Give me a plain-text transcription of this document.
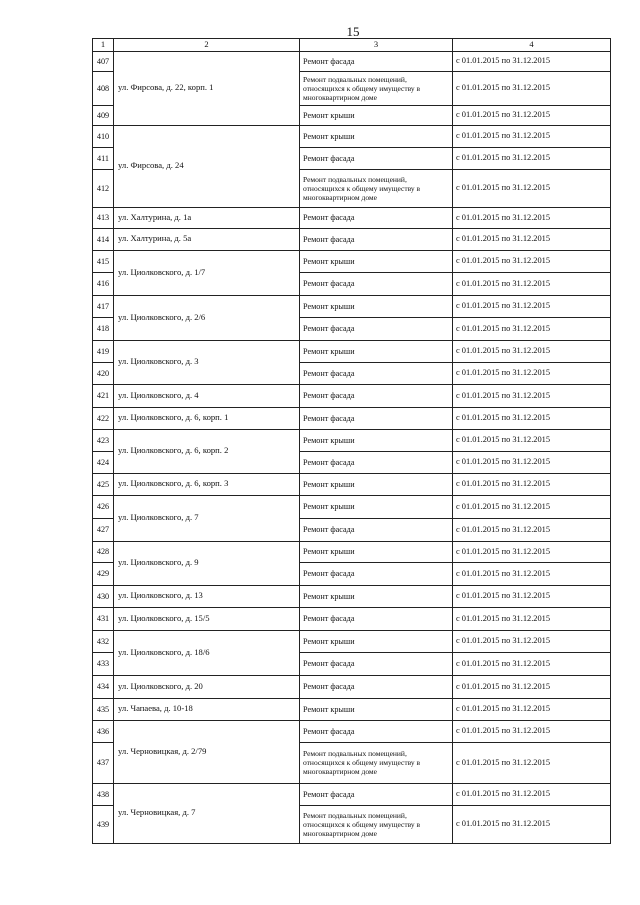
15
1	2	3	4
407	ул. Фирсова, д. 22, корп. 1	Ремонт фасада	с 01.01.2015 по 31.12.2015
408		Ремонт подвальных помещений, относящихся к общему имуществу в многоквартирном доме	с 01.01.2015 по 31.12.2015
409		Ремонт крыши	с 01.01.2015 по 31.12.2015
410	ул. Фирсова, д. 24	Ремонт крыши	с 01.01.2015 по 31.12.2015
411		Ремонт фасада	с 01.01.2015 по 31.12.2015
412		Ремонт подвальных помещений, относящихся к общему имуществу в многоквартирном доме	с 01.01.2015 по 31.12.2015
413	ул. Халтурина, д. 1а	Ремонт фасада	с 01.01.2015 по 31.12.2015
414	ул. Халтурина, д. 5а	Ремонт фасада	с 01.01.2015 по 31.12.2015
415	ул. Циолковского, д. 1/7	Ремонт крыши	с 01.01.2015 по 31.12.2015
416		Ремонт фасада	с 01.01.2015 по 31.12.2015
417	ул. Циолковского, д. 2/6	Ремонт крыши	с 01.01.2015 по 31.12.2015
418		Ремонт фасада	с 01.01.2015 по 31.12.2015
419	ул. Циолковского, д. 3	Ремонт крыши	с 01.01.2015 по 31.12.2015
420		Ремонт фасада	с 01.01.2015 по 31.12.2015
421	ул. Циолковского, д. 4	Ремонт фасада	с 01.01.2015 по 31.12.2015
422	ул. Циолковского, д. 6, корп. 1	Ремонт фасада	с 01.01.2015 по 31.12.2015
423	ул. Циолковского, д. 6, корп. 2	Ремонт крыши	с 01.01.2015 по 31.12.2015
424		Ремонт фасада	с 01.01.2015 по 31.12.2015
425	ул. Циолковского, д. 6, корп. 3	Ремонт крыши	с 01.01.2015 по 31.12.2015
426	ул. Циолковского, д. 7	Ремонт крыши	с 01.01.2015 по 31.12.2015
427		Ремонт фасада	с 01.01.2015 по 31.12.2015
428	ул. Циолковского, д. 9	Ремонт крыши	с 01.01.2015 по 31.12.2015
429		Ремонт фасада	с 01.01.2015 по 31.12.2015
430	ул. Циолковского, д. 13	Ремонт крыши	с 01.01.2015 по 31.12.2015
431	ул. Циолковского, д. 15/5	Ремонт фасада	с 01.01.2015 по 31.12.2015
432	ул. Циолковского, д. 18/6	Ремонт крыши	с 01.01.2015 по 31.12.2015
433		Ремонт фасада	с 01.01.2015 по 31.12.2015
434	ул. Циолковского, д. 20	Ремонт фасада	с 01.01.2015 по 31.12.2015
435	ул. Чапаева, д. 10-18	Ремонт крыши	с 01.01.2015 по 31.12.2015
436	ул. Черновицкая, д. 2/79	Ремонт фасада	с 01.01.2015 по 31.12.2015
437		Ремонт подвальных помещений, относящихся к общему имуществу в многоквартирном доме	с 01.01.2015 по 31.12.2015
438	ул. Черновицкая, д. 7	Ремонт фасада	с 01.01.2015 по 31.12.2015
439		Ремонт подвальных помещений, относящихся к общему имуществу в многоквартирном доме	с 01.01.2015 по 31.12.2015
